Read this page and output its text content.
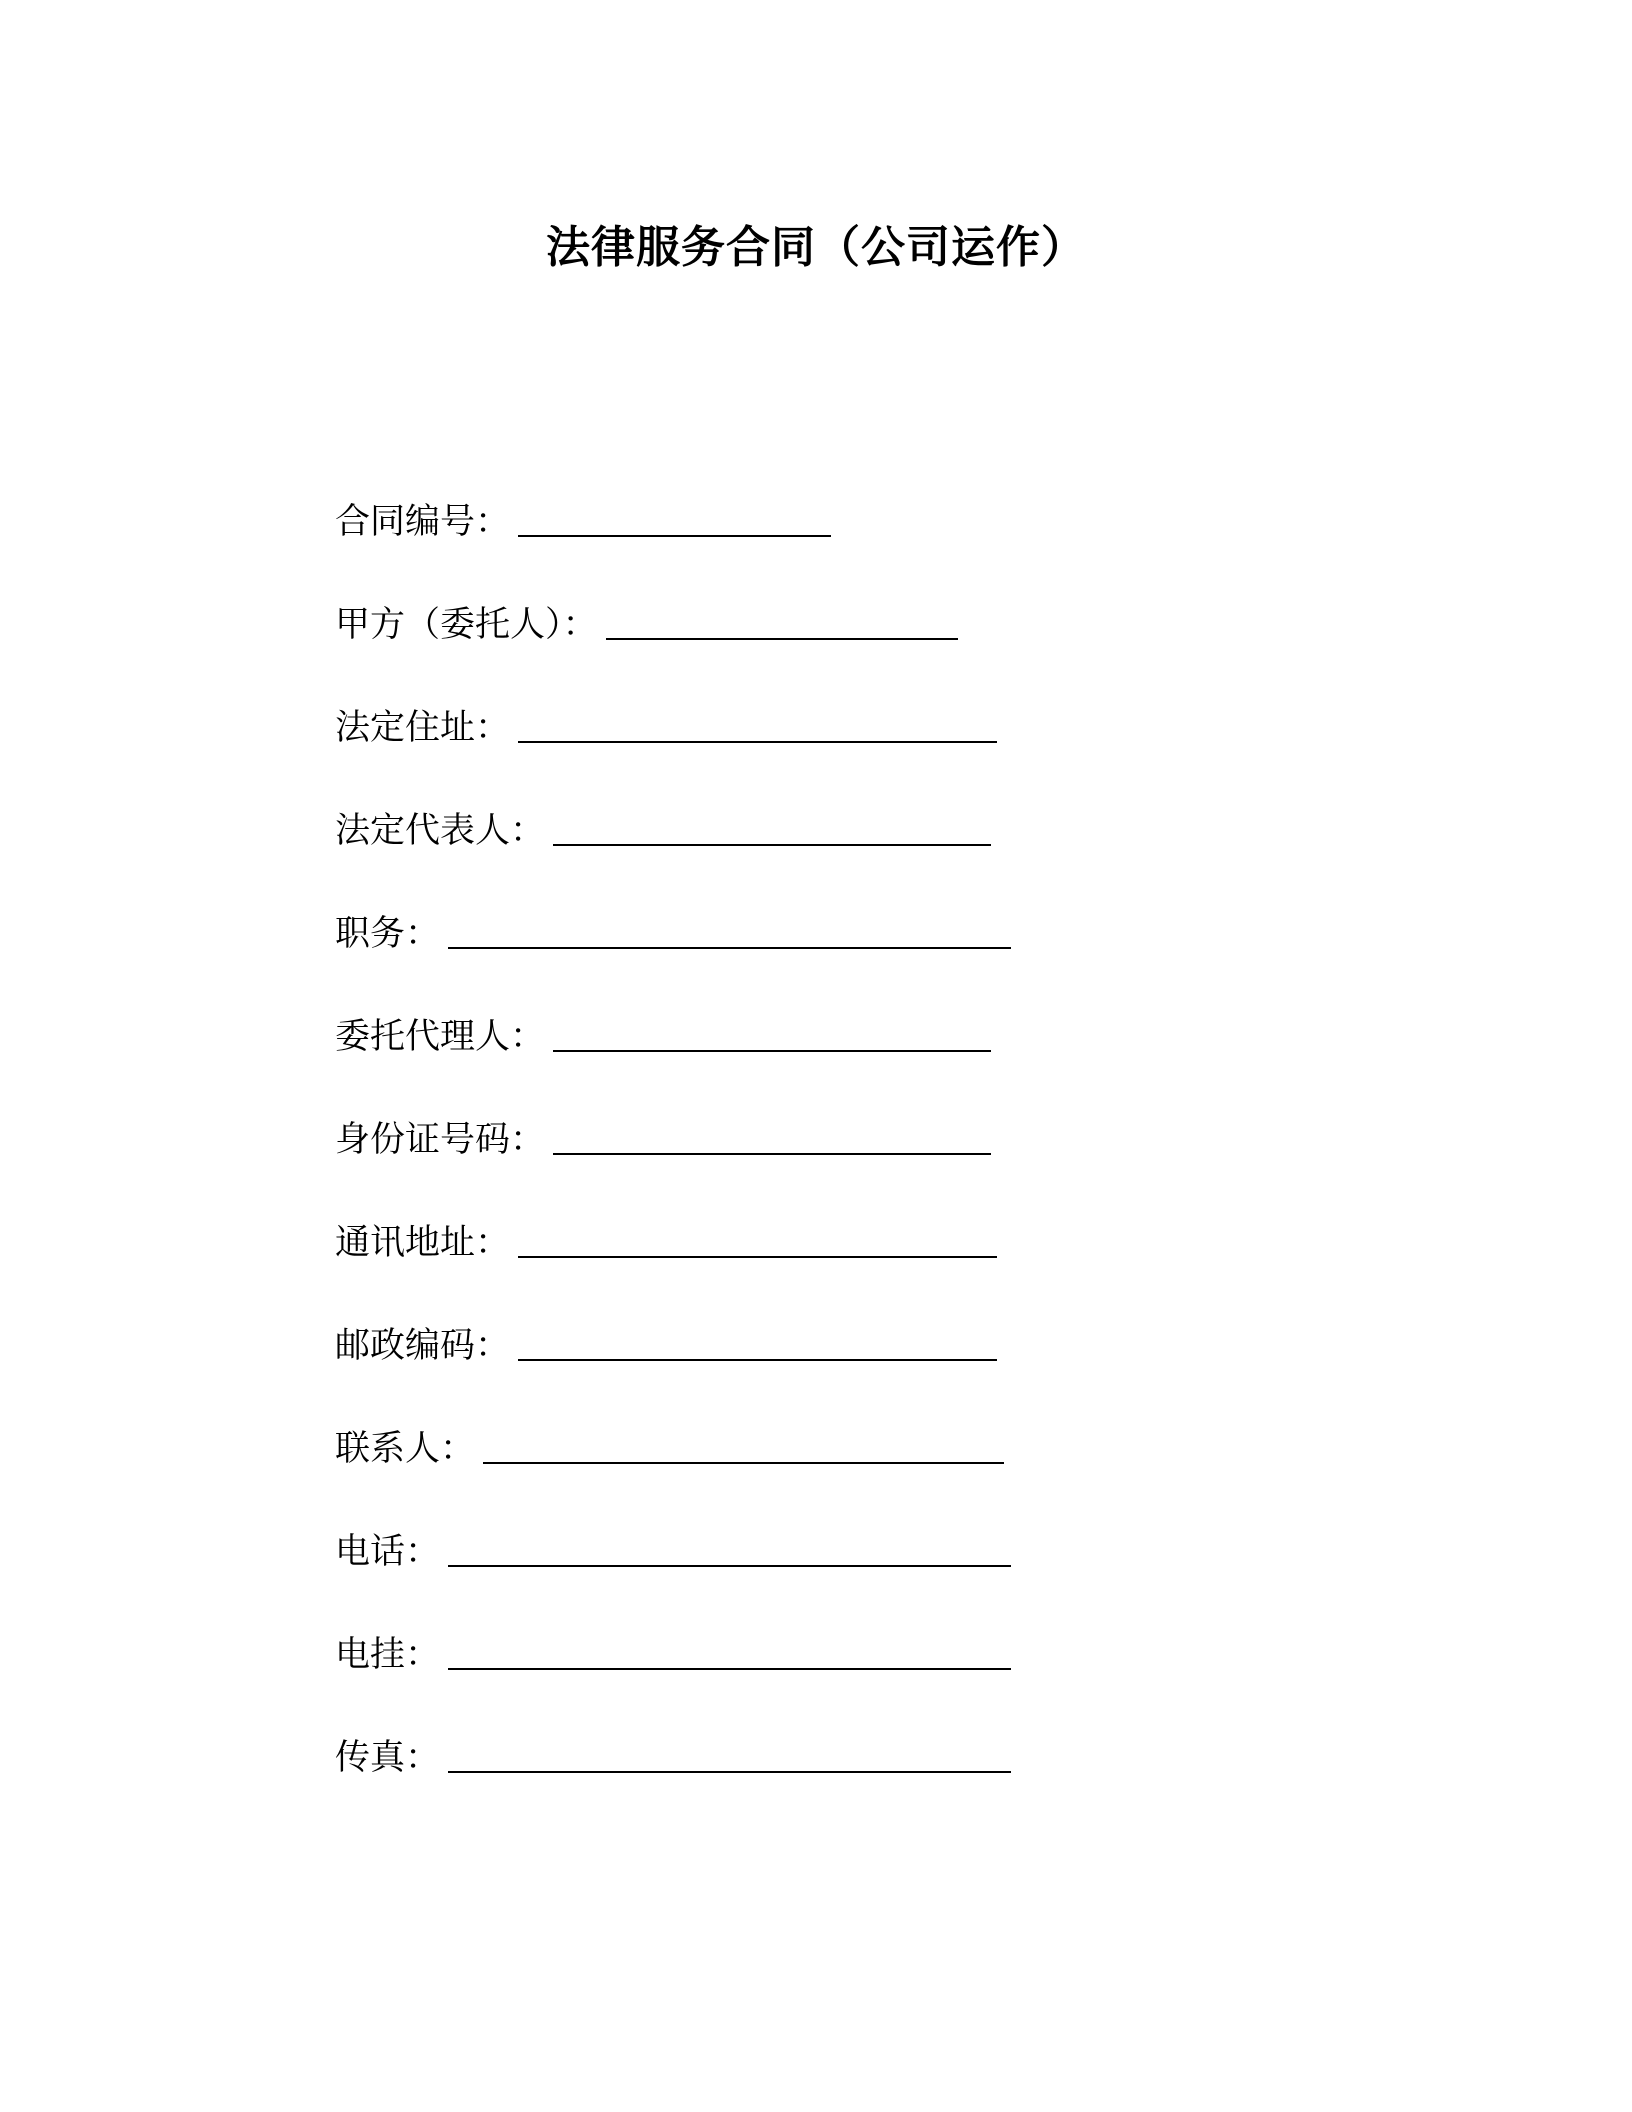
法律服务合同（公司运作）
合同编号：
甲方（委托人）：
法定住址：
法定代表人：
职务：
委托代理人：
身份证号码：
通讯地址：
邮政编码：
联系人：
电话：
电挂：
传真：
